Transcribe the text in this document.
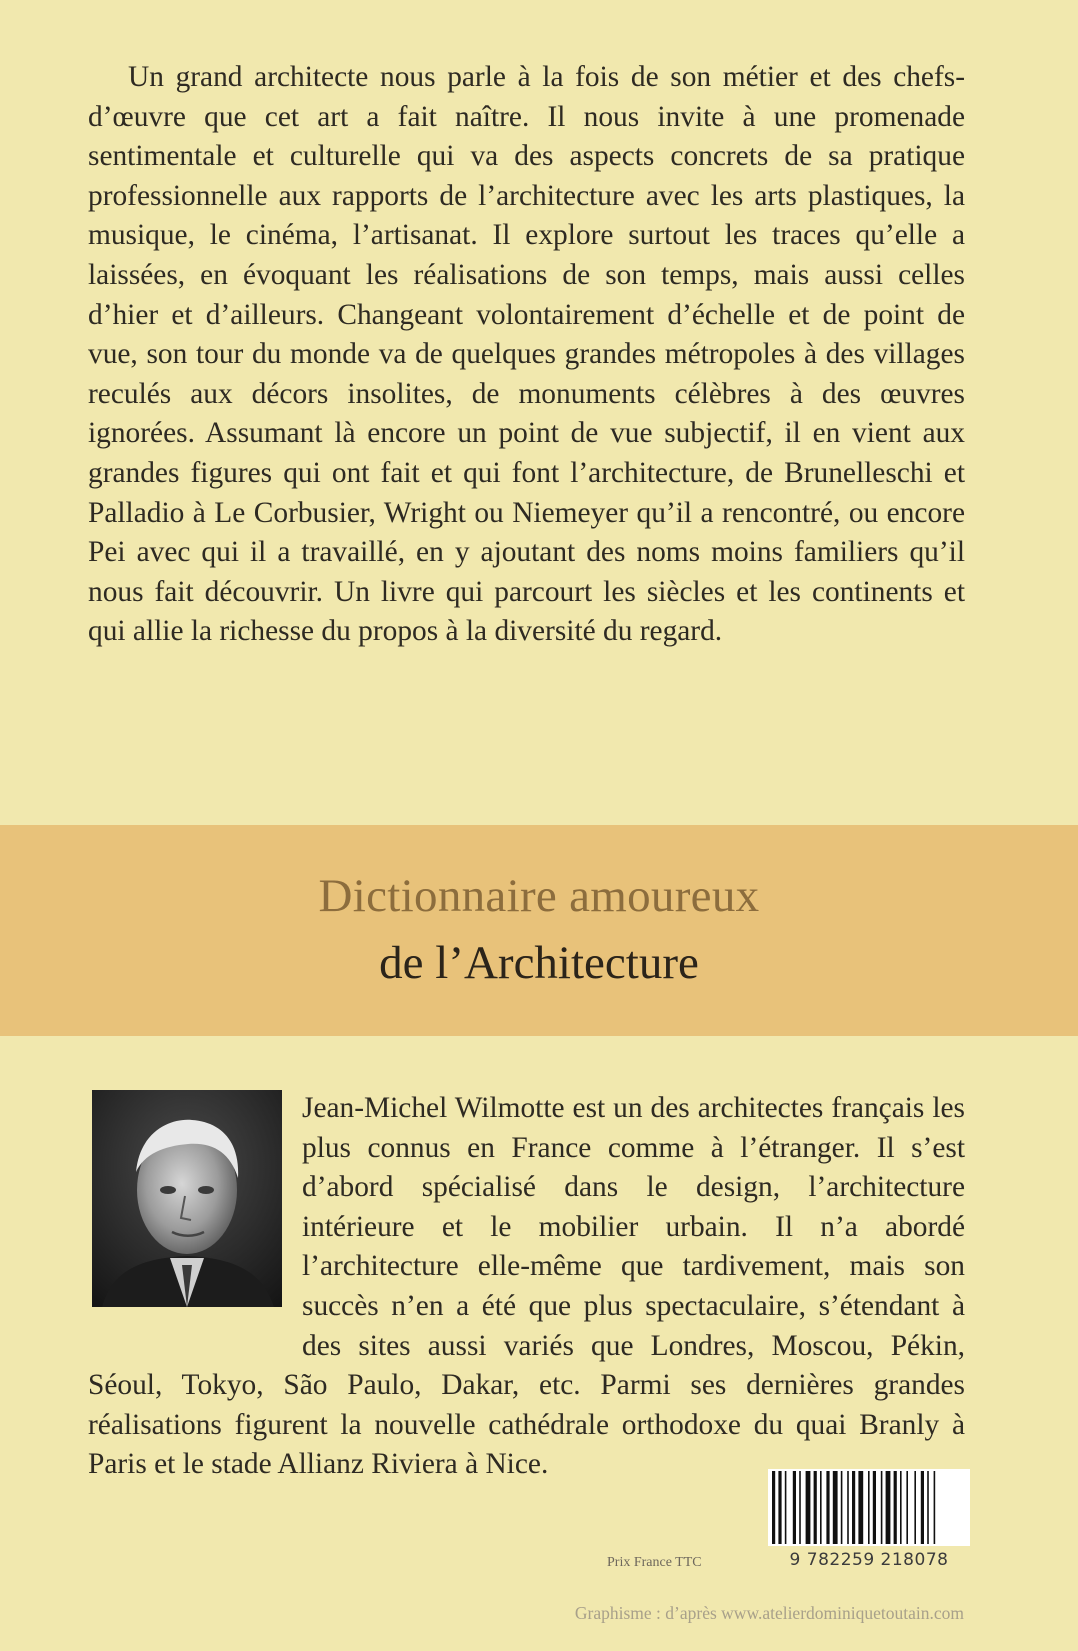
Un grand architecte nous parle à la fois de son métier et des chefs-d’œuvre que cet art a fait naître. Il nous invite à une promenade sentimentale et culturelle qui va des aspects concrets de sa pratique professionnelle aux rapports de l’architecture avec les arts plastiques, la musique, le cinéma, l’artisanat. Il explore surtout les traces qu’elle a laissées, en évoquant les réalisations de son temps, mais aussi celles d’hier et d’ailleurs. Changeant volontairement d’échelle et de point de vue, son tour du monde va de quelques grandes métropoles à des villages reculés aux décors insolites, de monuments célèbres à des œuvres ignorées. Assumant là encore un point de vue subjectif, il en vient aux grandes figures qui ont fait et qui font l’architecture, de Brunelleschi et Palladio à Le Corbusier, Wright ou Niemeyer qu’il a rencontré, ou encore Pei avec qui il a travaillé, en y ajoutant des noms moins familiers qu’il nous fait découvrir. Un livre qui parcourt les siècles et les continents et qui allie la richesse du propos à la diversité du regard.

Dictionnaire amoureux
de l’Architecture

Jean-Michel Wilmotte est un des architectes français les plus connus en France comme à l’étranger. Il s’est d’abord spécialisé dans le design, l’architecture intérieure et le mobilier urbain. Il n’a abordé l’architecture elle-même que tardivement, mais son succès n’en a été que plus spectaculaire, s’étendant à des sites aussi variés que Londres, Moscou, Pékin, Séoul, Tokyo, São Paulo, Dakar, etc. Parmi ses dernières grandes réalisations figurent la nouvelle cathédrale orthodoxe du quai Branly à Paris et le stade Allianz Riviera à Nice.

9 782259 218078

Prix France TTC

Graphisme : d’après www.atelierdominiquetoutain.com
